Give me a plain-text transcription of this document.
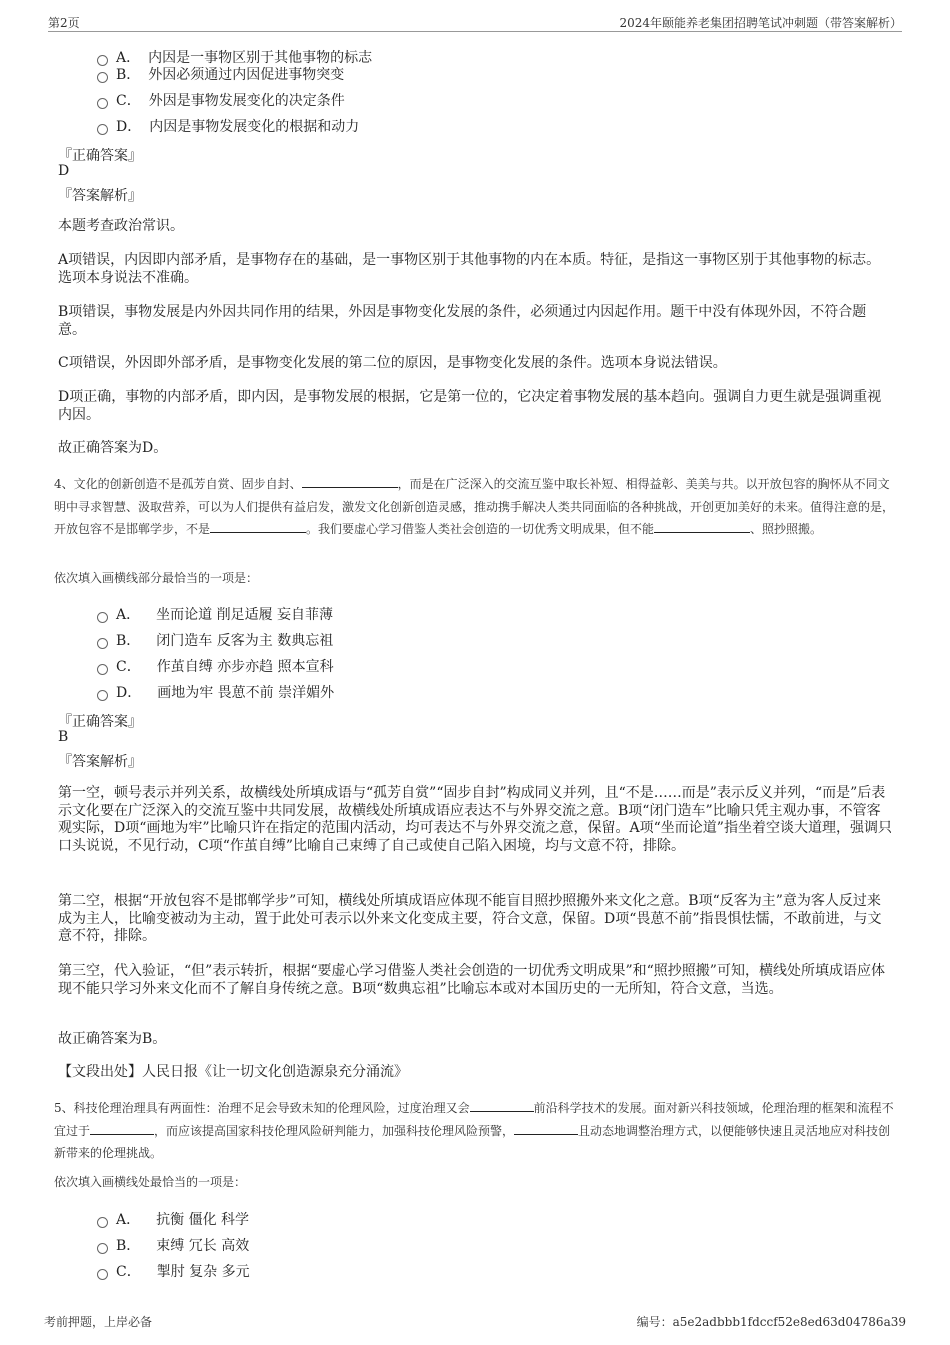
第2页	2024年颐能养老集团招聘笔试冲刺题（带答案解析）
A． 内因是一事物区别于其他事物的标志
B． 外因必须通过内因促进事物突变
C． 外因是事物发展变化的决定条件
D． 内因是事物发展变化的根据和动力
『正确答案』
D
『答案解析』
本题考查政治常识。
A项错误，内因即内部矛盾，是事物存在的基础，是一事物区别于其他事物的内在本质。特征，是指这一事物区别于其他事物的标志。选项本身说法不准确。
B项错误，事物发展是内外因共同作用的结果，外因是事物变化发展的条件，必须通过内因起作用。题干中没有体现外因，不符合题意。
C项错误，外因即外部矛盾，是事物变化发展的第二位的原因，是事物变化发展的条件。选项本身说法错误。
D项正确，事物的内部矛盾，即内因，是事物发展的根据，它是第一位的，它决定着事物发展的基本趋向。强调自力更生就是强调重视内因。
故正确答案为D。
4、文化的创新创造不是孤芳自赏、固步自封、	，而是在广泛深入的交流互鉴中取长补短、相得益彰、美美与共。以开放包容的胸怀从不同文明中寻求智慧、汲取营养，可以为人们提供有益启发，激发文化创新创造灵感，推动携手解决人类共同面临的各种挑战，开创更加美好的未来。值得注意的是，开放包容不是邯郸学步，不是	。我们要虚心学习借鉴人类社会创造的一切优秀文明成果，但不能	、照抄照搬。
依次填入画横线部分最恰当的一项是：
A． 坐而论道 削足适履 妄自菲薄
B． 闭门造车 反客为主 数典忘祖
C． 作茧自缚 亦步亦趋 照本宣科
D． 画地为牢 畏葸不前 崇洋媚外
『正确答案』
B
『答案解析』
第一空，顿号表示并列关系，故横线处所填成语与“孤芳自赏”“固步自封”构成同义并列，且“不是……而是”表示反义并列，“而是”后表示文化要在广泛深入的交流互鉴中共同发展，故横线处所填成语应表达不与外界交流之意。B项“闭门造车”比喻只凭主观办事，不管客观实际，D项“画地为牢”比喻只许在指定的范围内活动，均可表达不与外界交流之意，保留。A项“坐而论道”指坐着空谈大道理，强调只口头说说，不见行动，C项“作茧自缚”比喻自己束缚了自己或使自己陷入困境，均与文意不符，排除。
第二空，根据“开放包容不是邯郸学步”可知，横线处所填成语应体现不能盲目照抄照搬外来文化之意。B项“反客为主”意为客人反过来成为主人，比喻变被动为主动，置于此处可表示以外来文化变成主要，符合文意，保留。D项“畏葸不前”指畏惧怯懦，不敢前进，与文意不符，排除。
第三空，代入验证，“但”表示转折，根据“要虚心学习借鉴人类社会创造的一切优秀文明成果”和“照抄照搬”可知，横线处所填成语应体现不能只学习外来文化而不了解自身传统之意。B项“数典忘祖”比喻忘本或对本国历史的一无所知，符合文意，当选。
故正确答案为B。
【文段出处】人民日报《让一切文化创造源泉充分涌流》
5、科技伦理治理具有两面性：治理不足会导致未知的伦理风险，过度治理又会	前沿科学技术的发展。面对新兴科技领域，伦理治理的框架和流程不宜过于	，而应该提高国家科技伦理风险研判能力，加强科技伦理风险预警，	且动态地调整治理方式，以便能够快速且灵活地应对科技创新带来的伦理挑战。
依次填入画横线处最恰当的一项是：
A． 抗衡 僵化 科学
B． 束缚 冗长 高效
C． 掣肘 复杂 多元
考前押题，上岸必备	编号：a5e2adbbb1fdccf52e8ed63d04786a39
